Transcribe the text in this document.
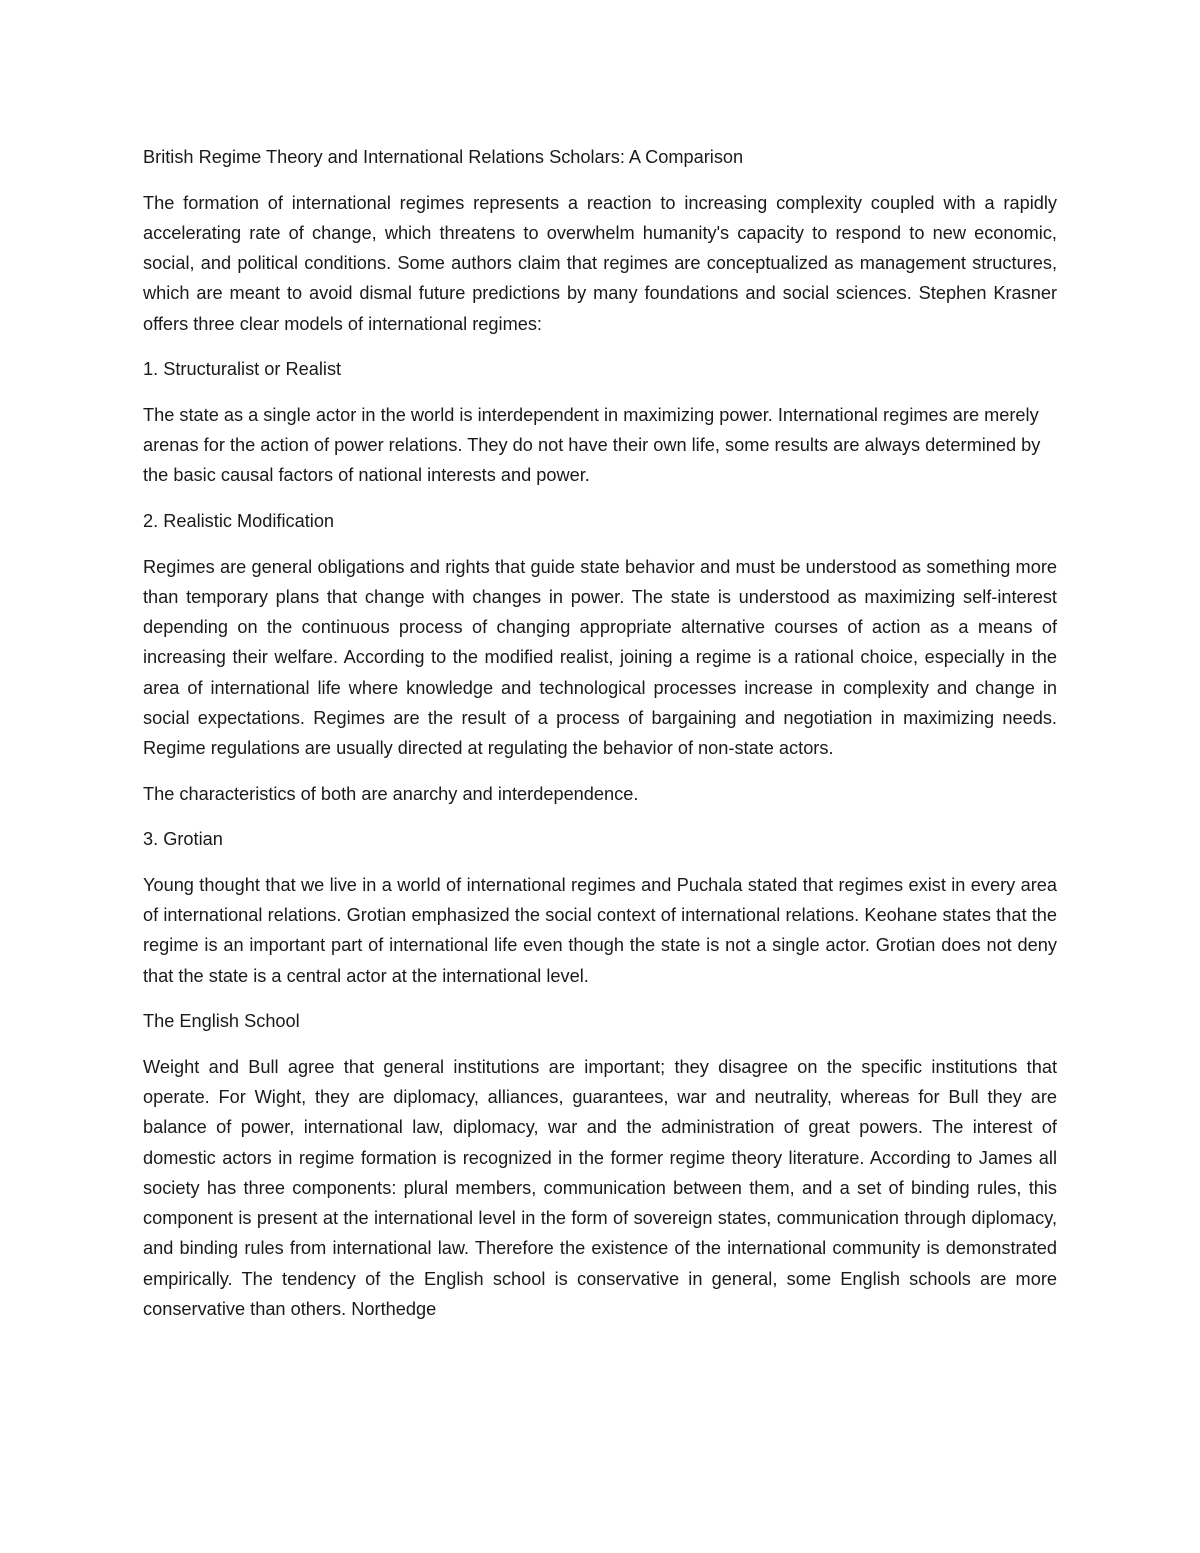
British Regime Theory and International Relations Scholars: A Comparison

The formation of international regimes represents a reaction to increasing complexity coupled with a rapidly accelerating rate of change, which threatens to overwhelm humanity's capacity to respond to new economic, social, and political conditions. Some authors claim that regimes are conceptualized as management structures, which are meant to avoid dismal future predictions by many foundations and social sciences. Stephen Krasner offers three clear models of international regimes:

1. Structuralist or Realist

The state as a single actor in the world is interdependent in maximizing power. International regimes are merely arenas for the action of power relations. They do not have their own life, some results are always determined by the basic causal factors of national interests and power.

2. Realistic Modification

Regimes are general obligations and rights that guide state behavior and must be understood as something more than temporary plans that change with changes in power. The state is understood as maximizing self-interest depending on the continuous process of changing appropriate alternative courses of action as a means of increasing their welfare. According to the modified realist, joining a regime is a rational choice, especially in the area of international life where knowledge and technological processes increase in complexity and change in social expectations. Regimes are the result of a process of bargaining and negotiation in maximizing needs. Regime regulations are usually directed at regulating the behavior of non-state actors.

The characteristics of both are anarchy and interdependence.

3. Grotian

Young thought that we live in a world of international regimes and Puchala stated that regimes exist in every area of international relations. Grotian emphasized the social context of international relations. Keohane states that the regime is an important part of international life even though the state is not a single actor. Grotian does not deny that the state is a central actor at the international level.

The English School

Weight and Bull agree that general institutions are important; they disagree on the specific institutions that operate. For Wight, they are diplomacy, alliances, guarantees, war and neutrality, whereas for Bull they are balance of power, international law, diplomacy, war and the administration of great powers. The interest of domestic actors in regime formation is recognized in the former regime theory literature. According to James all society has three components: plural members, communication between them, and a set of binding rules, this component is present at the international level in the form of sovereign states, communication through diplomacy, and binding rules from international law. Therefore the existence of the international community is demonstrated empirically. The tendency of the English school is conservative in general, some English schools are more conservative than others. Northedge
